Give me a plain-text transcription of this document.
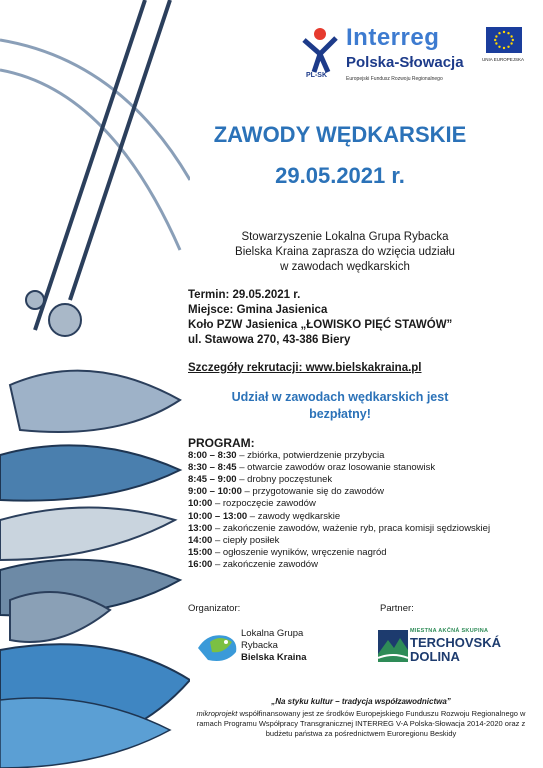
PL-SK
Interreg
Polska-Słowacja
Europejski Fundusz Rozwoju Regionalnego
UNIA EUROPEJSKA
ZAWODY WĘDKARSKIE
29.05.2021 r.
Stowarzyszenie Lokalna Grupa Rybacka
Bielska Kraina zaprasza do wzięcia udziału
w zawodach wędkarskich
Termin: 29.05.2021 r.
Miejsce: Gmina Jasienica
Koło PZW Jasienica „ŁOWISKO PIĘĆ STAWÓW”
ul. Stawowa 270, 43-386 Biery
Szczegóły rekrutacji: www.bielskakraina.pl
Udział w zawodach wędkarskich jest
bezpłatny!
PROGRAM:
8:00 – 8:30 – zbiórka, potwierdzenie przybycia
8:30 – 8:45 – otwarcie zawodów oraz losowanie stanowisk
8:45 – 9:00 – drobny poczęstunek
9:00 – 10:00 – przygotowanie się do zawodów
10:00 – rozpoczęcie zawodów
10:00 – 13:00 – zawody wędkarskie
13:00 – zakończenie zawodów, ważenie ryb, praca komisji sędziowskiej
14:00 – ciepły posiłek
15:00 – ogłoszenie wyników, wręczenie nagród
16:00 – zakończenie zawodów
Organizator:	Partner:
Lokalna Grupa
Rybacka
Bielska Kraina
MIESTNA AKČNÁ SKUPINA
TERCHOVSKÁ
DOLINA
„Na styku kultur – tradycja współzawodnictwa”
mikroprojekt współfinansowany jest ze środków Europejskiego Funduszu Rozwoju Regionalnego w ramach Programu Współpracy Transgranicznej INTERREG V-A Polska-Słowacja 2014-2020 oraz z budżetu państwa za pośrednictwem Euroregionu Beskidy
